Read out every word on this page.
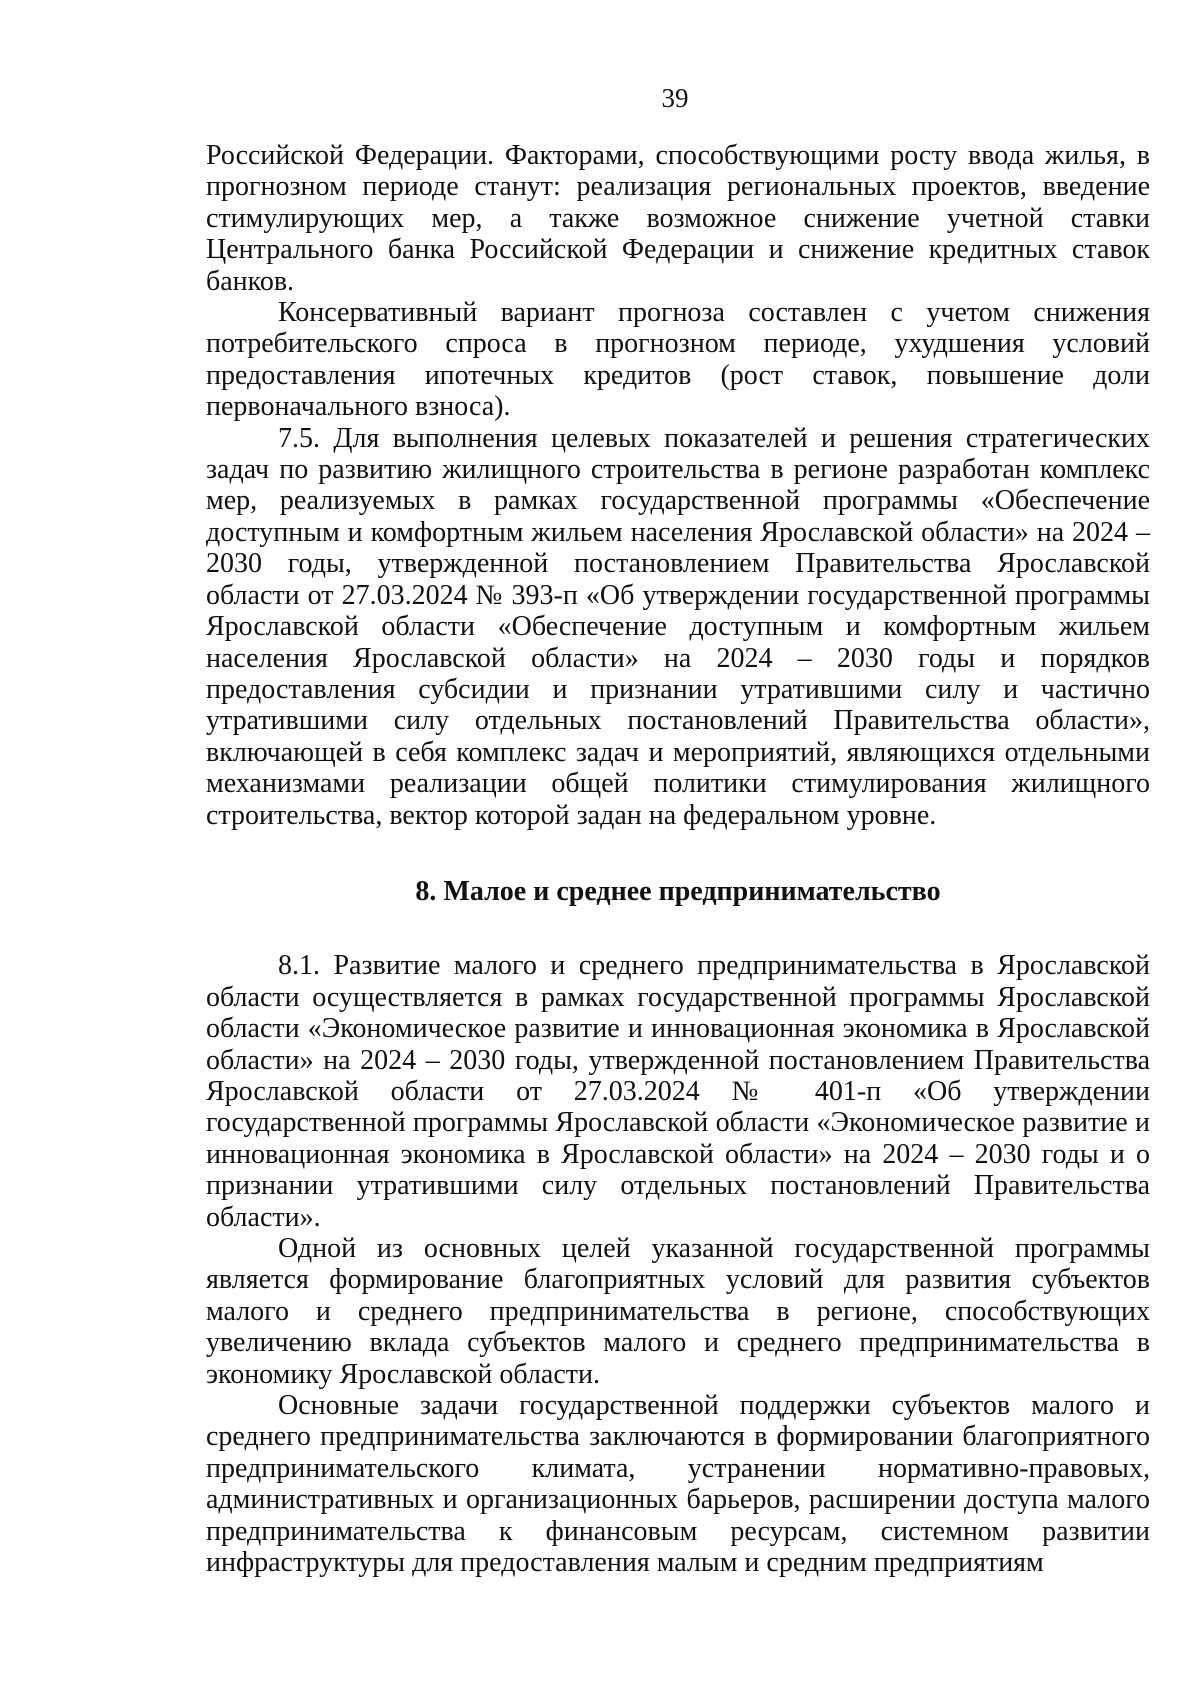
39

Российской Федерации. Факторами, способствующими росту ввода жилья, в прогнозном периоде станут: реализация региональных проектов, введение стимулирующих мер, а также возможное снижение учетной ставки Центрального банка Российской Федерации и снижение кредитных ставок банков.

Консервативный вариант прогноза составлен с учетом снижения потребительского спроса в прогнозном периоде, ухудшения условий предоставления ипотечных кредитов (рост ставок, повышение доли первоначального взноса).

7.5. Для выполнения целевых показателей и решения стратегических задач по развитию жилищного строительства в регионе разработан комплекс мер, реализуемых в рамках государственной программы «Обеспечение доступным и комфортным жильем населения Ярославской области» на 2024 – 2030 годы, утвержденной постановлением Правительства Ярославской области от 27.03.2024 № 393-п «Об утверждении государственной программы Ярославской области «Обеспечение доступным и комфортным жильем населения Ярославской области» на 2024 – 2030 годы и порядков предоставления субсидии и признании утратившими силу и частично утратившими силу отдельных постановлений Правительства области», включающей в себя комплекс задач и мероприятий, являющихся отдельными механизмами реализации общей политики стимулирования жилищного строительства, вектор которой задан на федеральном уровне.

8. Малое и среднее предпринимательство

8.1. Развитие малого и среднего предпринимательства в Ярославской области осуществляется в рамках государственной программы Ярославской области «Экономическое развитие и инновационная экономика в Ярославской области» на 2024 – 2030 годы, утвержденной постановлением Правительства Ярославской области от 27.03.2024 № 401-п «Об утверждении государственной программы Ярославской области «Экономическое развитие и инновационная экономика в Ярославской области» на 2024 – 2030 годы и о признании утратившими силу отдельных постановлений Правительства области».

Одной из основных целей указанной государственной программы является формирование благоприятных условий для развития субъектов малого и среднего предпринимательства в регионе, способствующих увеличению вклада субъектов малого и среднего предпринимательства в экономику Ярославской области.

Основные задачи государственной поддержки субъектов малого и среднего предпринимательства заключаются в формировании благоприятного предпринимательского климата, устранении нормативно-правовых, административных и организационных барьеров, расширении доступа малого предпринимательства к финансовым ресурсам, системном развитии инфраструктуры для предоставления малым и средним предприятиям
